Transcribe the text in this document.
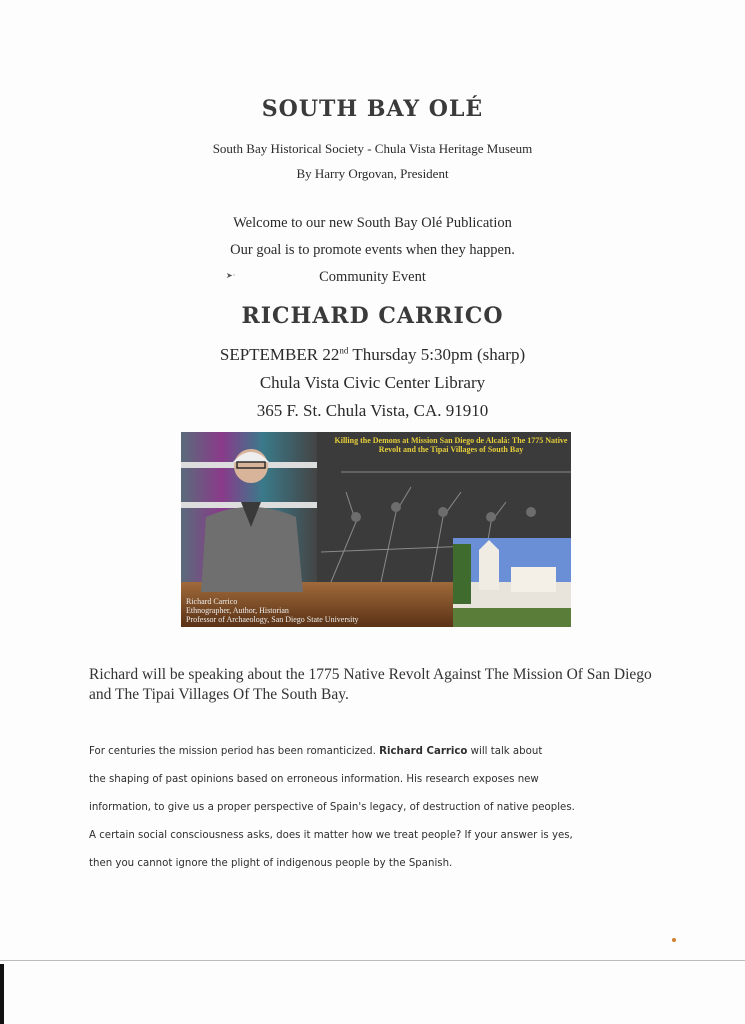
SOUTH BAY OLÉ
South Bay Historical Society - Chula Vista Heritage Museum
By Harry Orgovan, President
Welcome to our new South Bay Olé Publication
Our goal is to promote events when they happen.
➤·	Community Event
RICHARD CARRICO
SEPTEMBER 22nd Thursday 5:30pm (sharp)
Chula Vista Civic Center Library
365 F. St. Chula Vista, CA. 91910
Killing the Demons at Mission San Diego de Alcalá: The 1775 Native Revolt and the Tipai Villages of South Bay
Richard Carrico
Ethnographer, Author, Historian
Professor of Archaeology, San Diego State University
Richard will be speaking about the 1775 Native Revolt Against The Mission Of San Diego and The Tipai Villages Of The South Bay.
For centuries the mission period has been romanticized. Richard Carrico will talk about
the shaping of past opinions based on erroneous information. His research exposes new
information, to give us a proper perspective of Spain's legacy, of destruction of native peoples.
A certain social consciousness asks, does it matter how we treat people? If your answer is yes,
then you cannot ignore the plight of indigenous people by the Spanish.
